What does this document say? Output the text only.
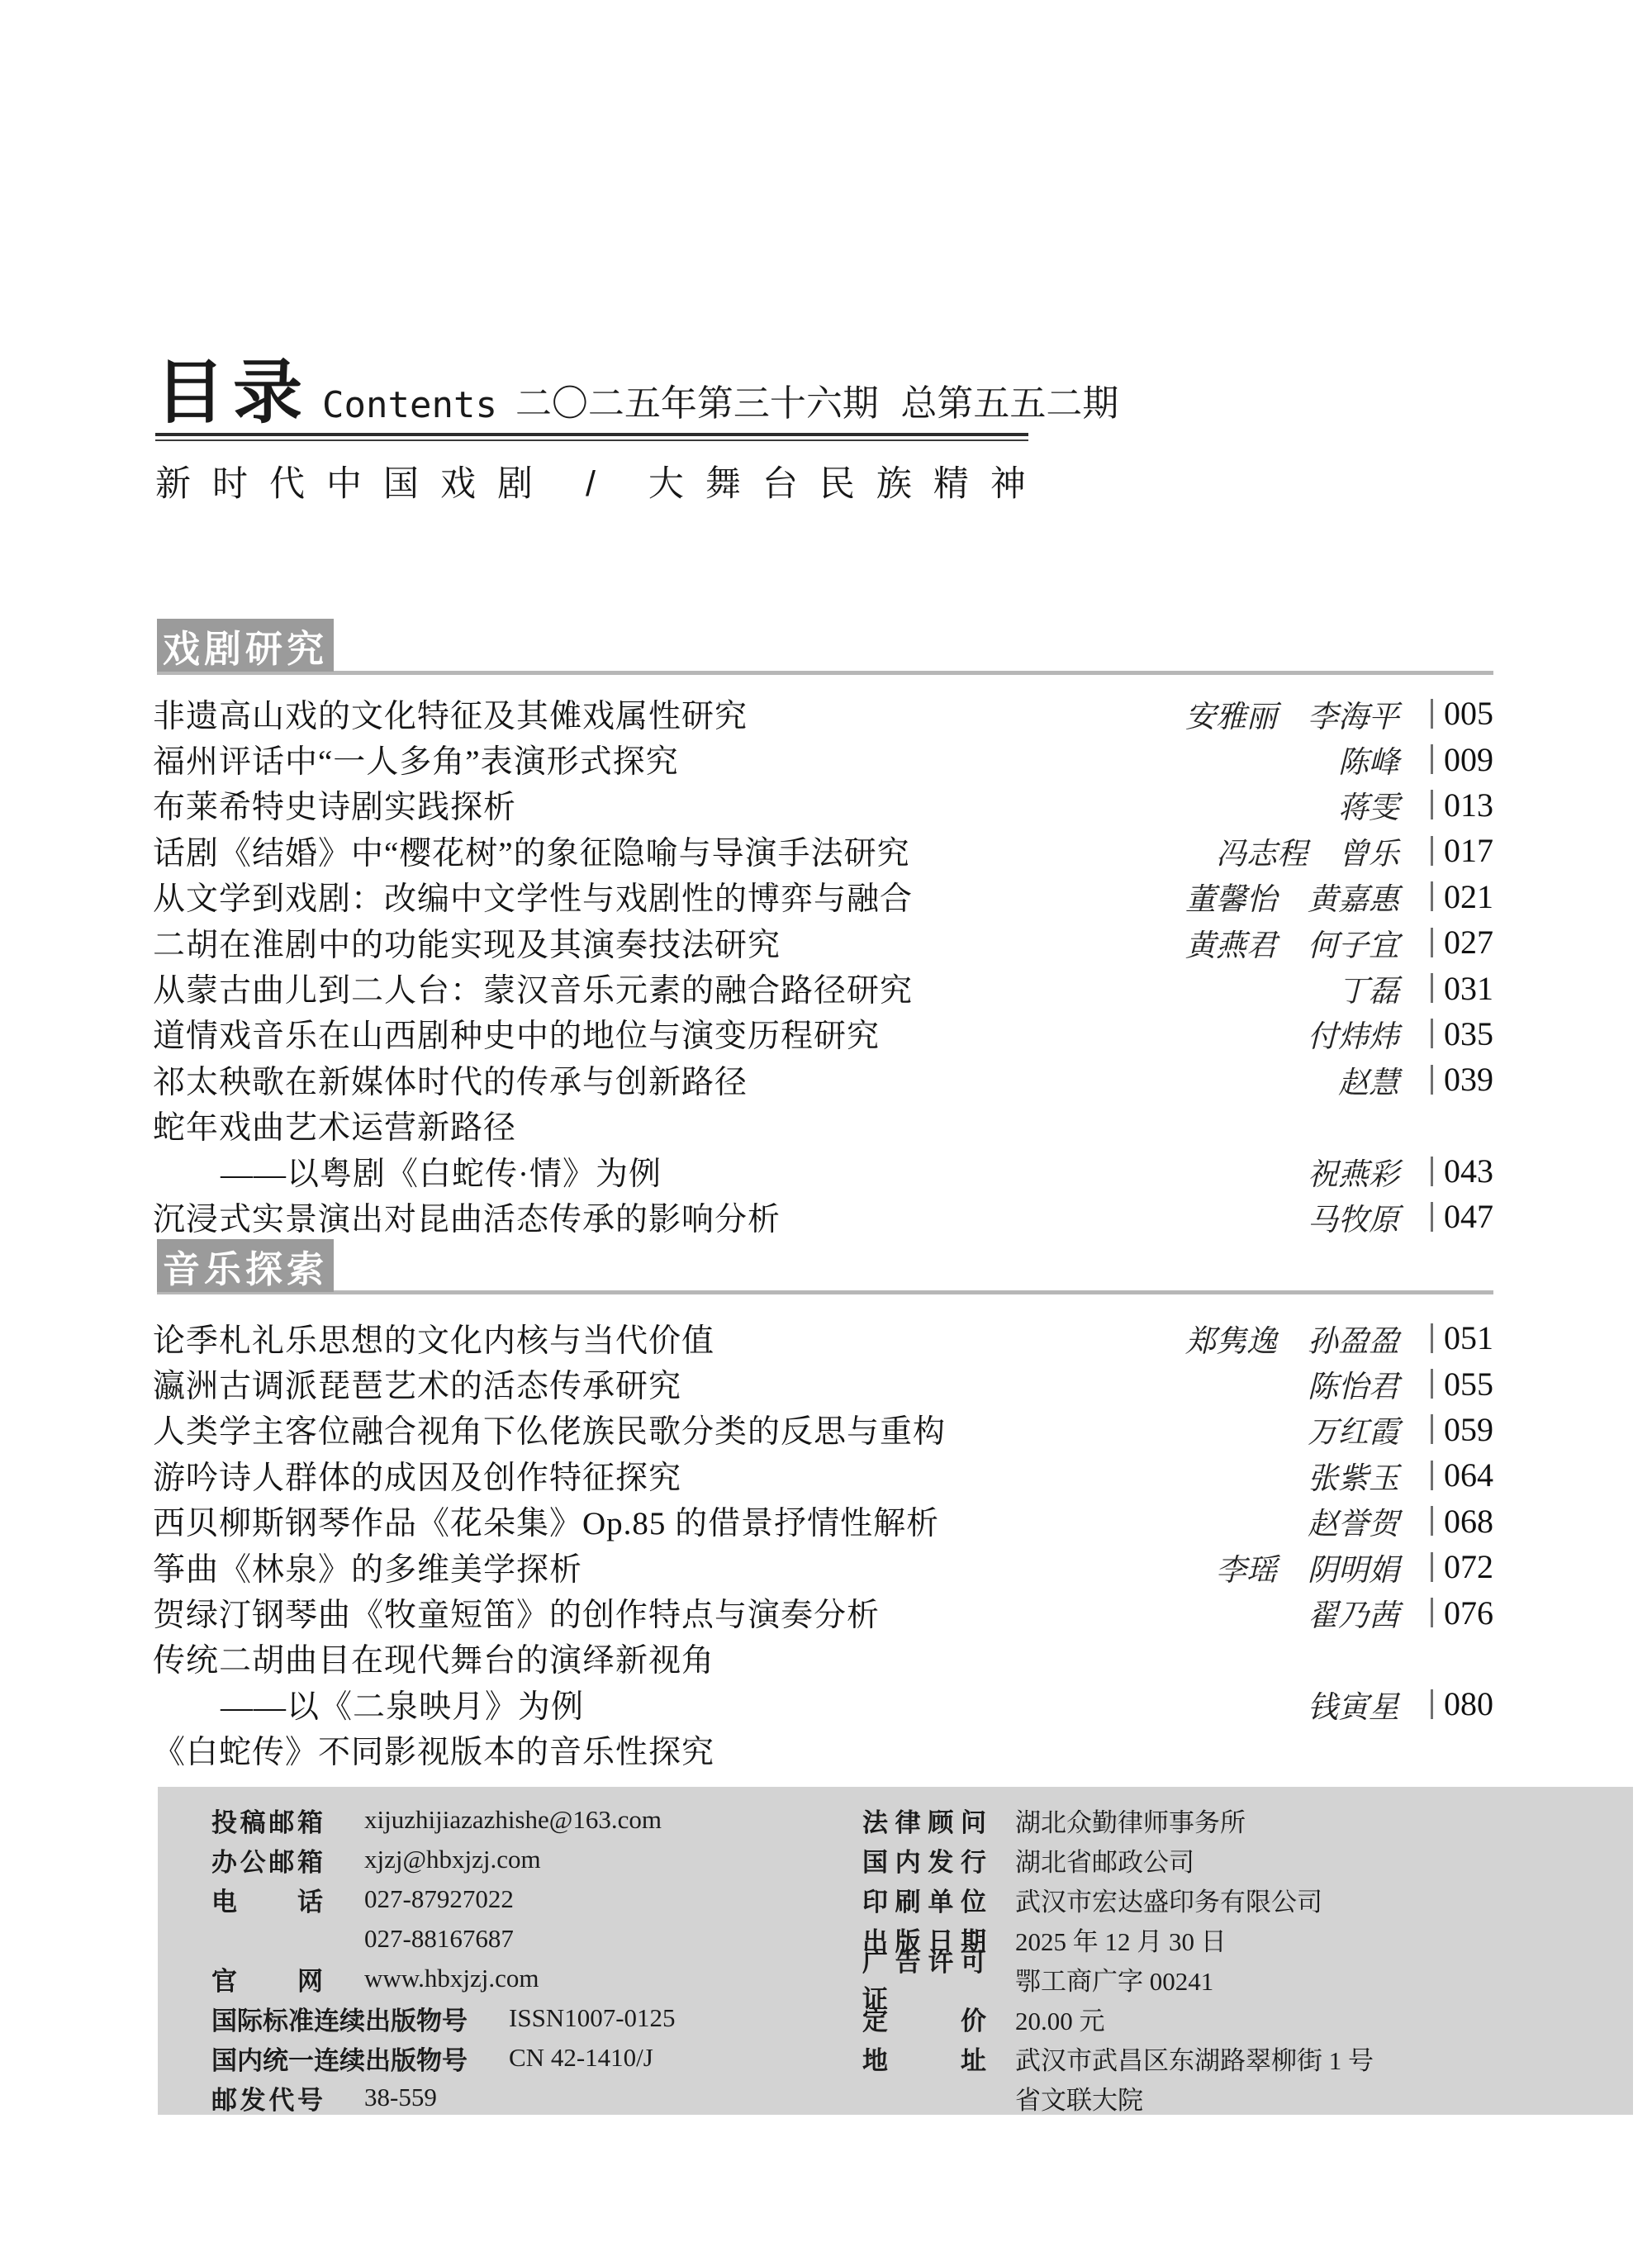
目录 Contents 二〇二五年第三十六期 总第五五二期
新时代中国戏剧 / 大舞台民族精神
戏剧研究
非遗高山戏的文化特征及其傩戏属性研究	安雅丽　李海平	005
福州评话中“一人多角”表演形式探究	陈峰	009
布莱希特史诗剧实践探析	蒋雯	013
话剧《结婚》中“樱花树”的象征隐喻与导演手法研究	冯志程　曾乐	017
从文学到戏剧：改编中文学性与戏剧性的博弈与融合	董馨怡　黄嘉惠	021
二胡在淮剧中的功能实现及其演奏技法研究	黄燕君　何子宜	027
从蒙古曲儿到二人台：蒙汉音乐元素的融合路径研究	丁磊	031
道情戏音乐在山西剧种史中的地位与演变历程研究	付炜炜	035
祁太秧歌在新媒体时代的传承与创新路径	赵慧	039
蛇年戏曲艺术运营新路径
——以粤剧《白蛇传·情》为例	祝燕彩	043
沉浸式实景演出对昆曲活态传承的影响分析	马牧原	047
音乐探索
论季札礼乐思想的文化内核与当代价值	郑隽逸　孙盈盈	051
瀛洲古调派琵琶艺术的活态传承研究	陈怡君	055
人类学主客位融合视角下仫佬族民歌分类的反思与重构	万红霞	059
游吟诗人群体的成因及创作特征探究	张紫玉	064
西贝柳斯钢琴作品《花朵集》Op.85 的借景抒情性解析	赵誉贺	068
筝曲《林泉》的多维美学探析	李瑶　阴明娟	072
贺绿汀钢琴曲《牧童短笛》的创作特点与演奏分析	翟乃茜	076
传统二胡曲目在现代舞台的演绎新视角
——以《二泉映月》为例	钱寅星	080
《白蛇传》不同影视版本的音乐性探究
投稿邮箱 xijuzhijiazazhishe@163.com
办公邮箱 xjzj@hbxjzj.com
电话 027-87927022
027-88167687
官网 www.hbxjzj.com
国际标准连续出版物号 ISSN1007-0125
国内统一连续出版物号 CN 42-1410/J
邮发代号 38-559
法律顾问 湖北众勤律师事务所
国内发行 湖北省邮政公司
印刷单位 武汉市宏达盛印务有限公司
出版日期 2025 年 12 月 30 日
广告许可证
鄂工商广字 00241
定价 20.00 元
地址 武汉市武昌区东湖路翠柳街 1 号
省文联大院
